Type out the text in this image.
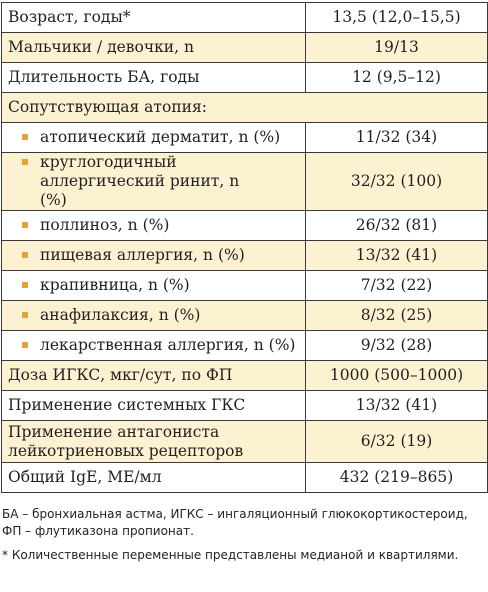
Возраст, годы*	13,5 (12,0–15,5)
Мальчики / девочки, n	19/13
Длительность БА, годы	12 (9,5–12)
Сопутствующая атопия:	

атопический дерматит, n (%)	11/32 (34)

круглогодичный аллергический ринит, n (%)	32/32 (100)

поллиноз, n (%)	26/32 (81)

пищевая аллергия, n (%)	13/32 (41)

крапивница, n (%)	7/32 (22)

анафилаксия, n (%)	8/32 (25)

лекарственная аллергия, n (%)	9/32 (28)
Доза ИГКС, мкг/сут, по ФП	1000 (500–1000)
Применение системных ГКС	13/32 (41)
Применение антагониста лейкотриеновых рецепторов	6/32 (19)
Общий IgE, МЕ/мл	432 (219–865)

БА – бронхиальная астма, ИГКС – ингаляционный глюкокортикостероид, ФП – флутиказона пропионат.

* Количественные переменные представлены медианой и квартилями.
